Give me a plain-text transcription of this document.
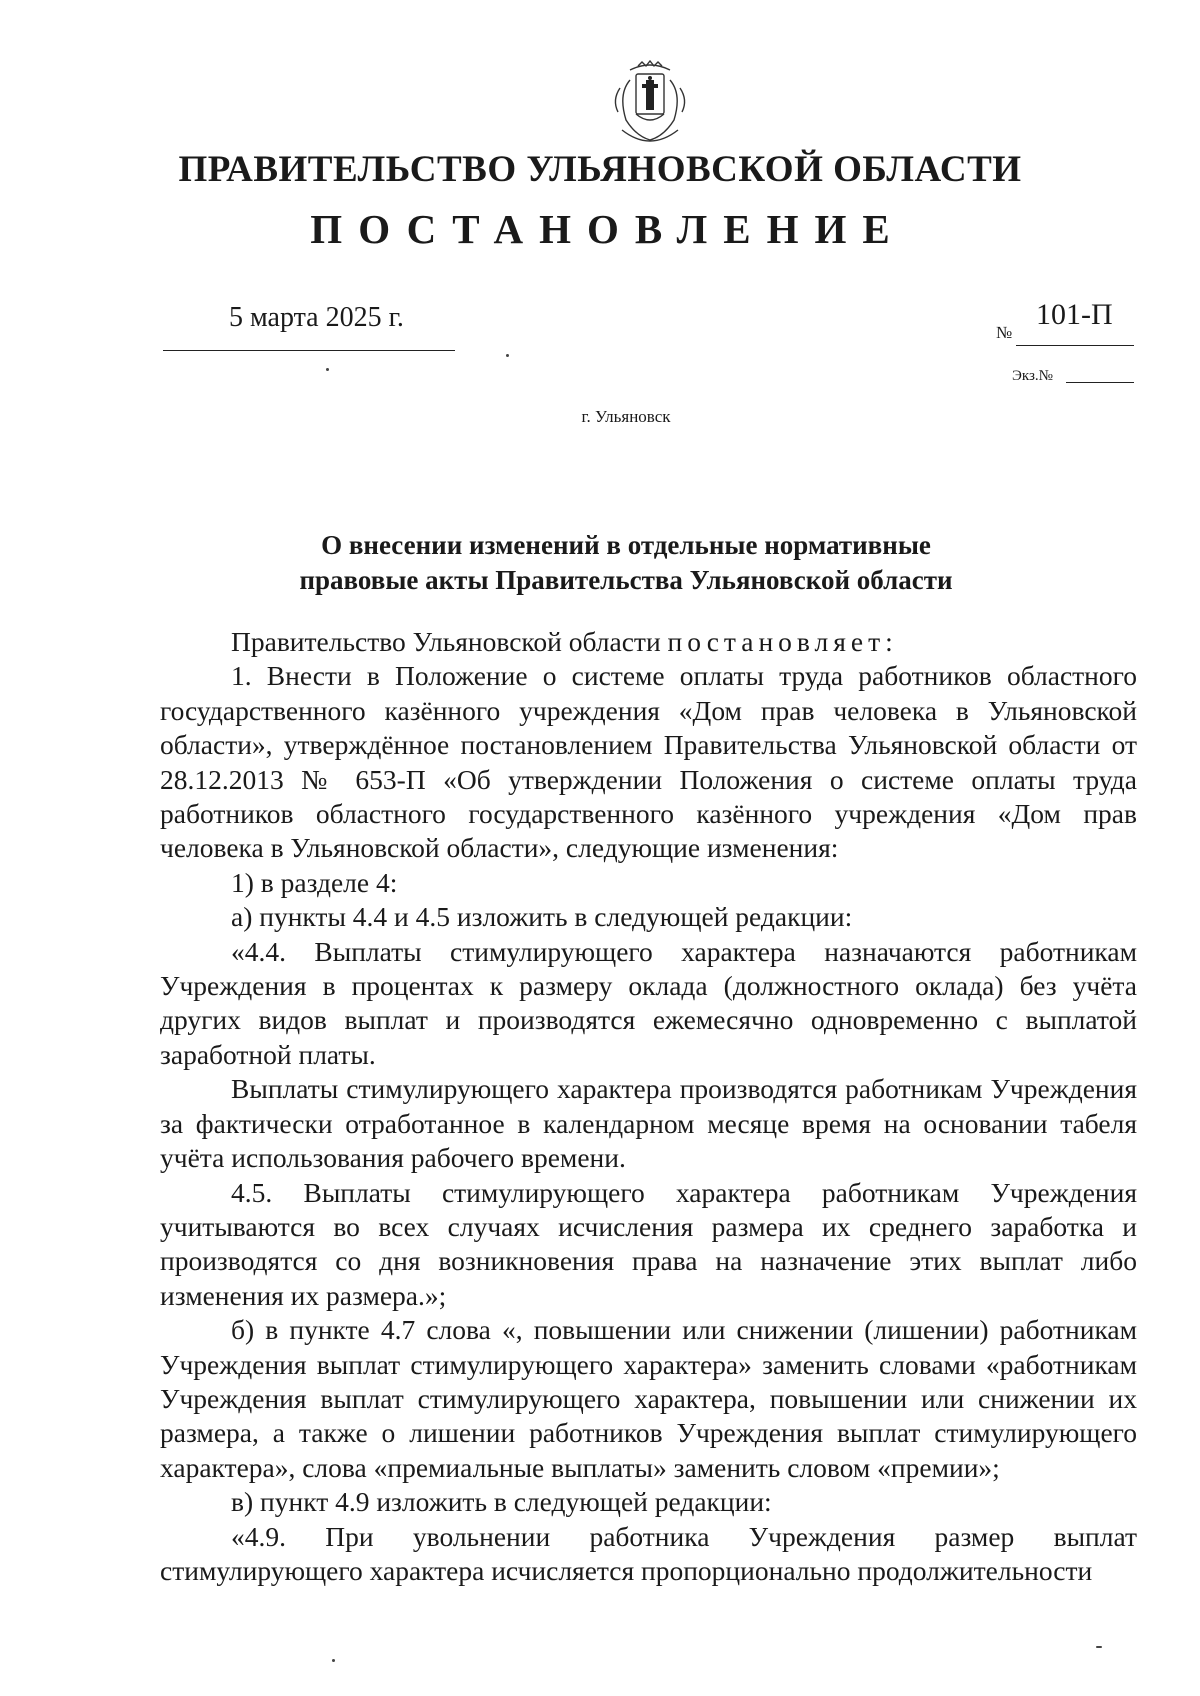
ПРАВИТЕЛЬСТВО УЛЬЯНОВСКОЙ ОБЛАСТИ
ПОСТАНОВЛЕНИЕ
5 марта 2025 г.	№
101-П
Экз.№
г. Ульяновск
О внесении изменений в отдельные нормативные
правовые акты Правительства Ульяновской области

Правительство Ульяновской области постановляет:

1. Внести в Положение о системе оплаты труда работников областного государственного казённого учреждения «Дом прав человека в Ульяновской области», утверждённое постановлением Правительства Ульяновской области от 28.12.2013 № 653-П «Об утверждении Положения о системе оплаты труда работников областного государственного казённого учреждения «Дом прав человека в Ульяновской области», следующие изменения:

1) в разделе 4:

а) пункты 4.4 и 4.5 изложить в следующей редакции:

«4.4. Выплаты стимулирующего характера назначаются работникам Учреждения в процентах к размеру оклада (должностного оклада) без учёта других видов выплат и производятся ежемесячно одновременно с выплатой заработной платы.

Выплаты стимулирующего характера производятся работникам Учреждения за фактически отработанное в календарном месяце время на основании табеля учёта использования рабочего времени.

4.5. Выплаты стимулирующего характера работникам Учреждения учитываются во всех случаях исчисления размера их среднего заработка и производятся со дня возникновения права на назначение этих выплат либо изменения их размера.»;

б) в пункте 4.7 слова «, повышении или снижении (лишении) работникам Учреждения выплат стимулирующего характера» заменить словами «работникам Учреждения выплат стимулирующего характера, повышении или снижении их размера, а также о лишении работников Учреждения выплат стимулирующего характера», слова «премиальные выплаты» заменить словом «премии»;

в) пункт 4.9 изложить в следующей редакции:

«4.9. При увольнении работника Учреждения размер выплат стимулирующего характера исчисляется пропорционально продолжительности
